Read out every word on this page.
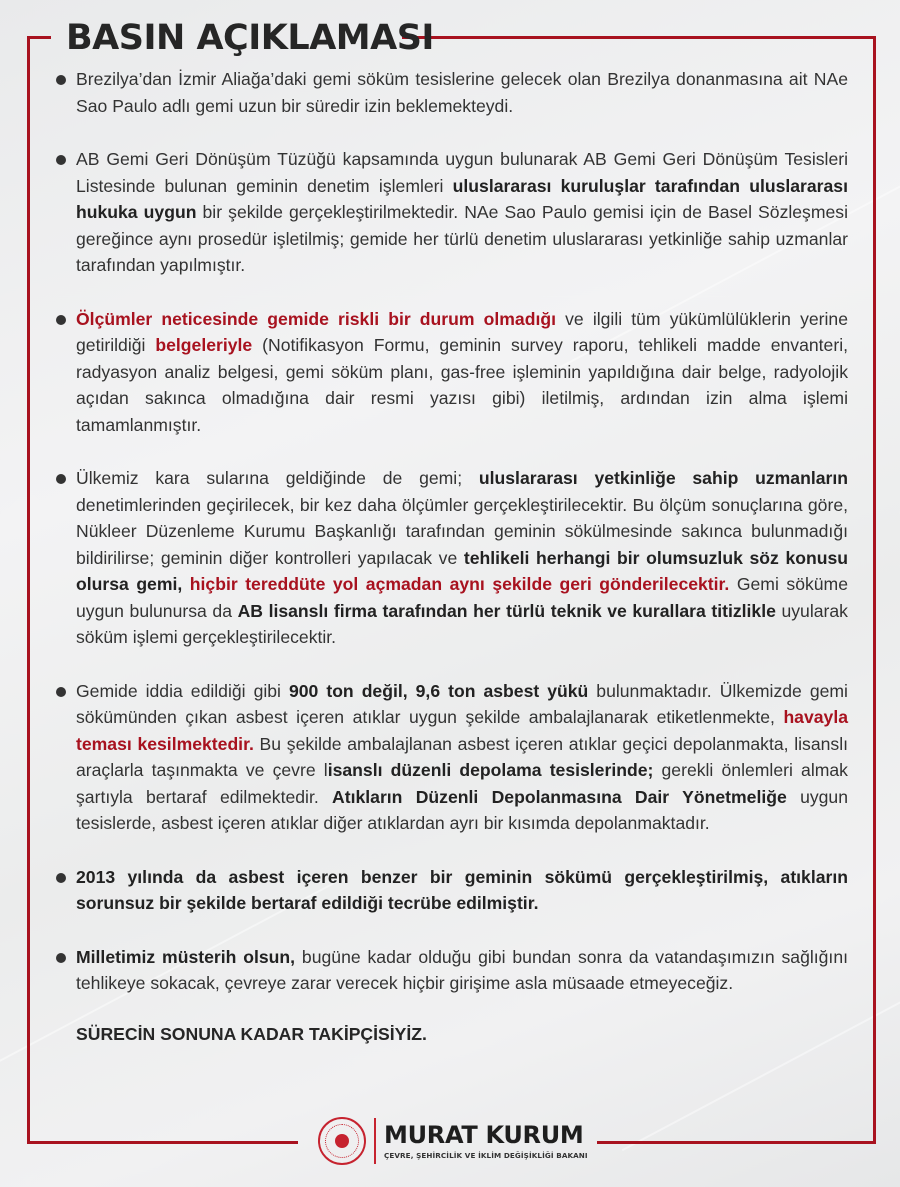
BASIN AÇIKLAMASI
Brezilya’dan İzmir Aliağa’daki gemi söküm tesislerine gelecek olan Brezilya donanmasına ait NAe Sao Paulo adlı gemi uzun bir süredir izin beklemekteydi.
AB Gemi Geri Dönüşüm Tüzüğü kapsamında uygun bulunarak AB Gemi Geri Dönüşüm Tesisleri Listesinde bulunan geminin denetim işlemleri uluslararası kuruluşlar tarafından uluslararası hukuka uygun bir şekilde gerçekleştirilmektedir. NAe Sao Paulo gemisi için de Basel Sözleşmesi gereğince aynı prosedür işletilmiş; gemide her türlü denetim uluslararası yetkinliğe sahip uzmanlar tarafından yapılmıştır.
Ölçümler neticesinde gemide riskli bir durum olmadığı ve ilgili tüm yükümlülüklerin yerine getirildiği belgeleriyle (Notifikasyon Formu, geminin survey raporu, tehlikeli madde envanteri, radyasyon analiz belgesi, gemi söküm planı, gas-free işleminin yapıldığına dair belge, radyolojik açıdan sakınca olmadığına dair resmi yazısı gibi) iletilmiş, ardından izin alma işlemi tamamlanmıştır.
Ülkemiz kara sularına geldiğinde de gemi; uluslararası yetkinliğe sahip uzmanların denetimlerinden geçirilecek, bir kez daha ölçümler gerçekleştirilecektir. Bu ölçüm sonuçlarına göre, Nükleer Düzenleme Kurumu Başkanlığı tarafından geminin sökülmesinde sakınca bulunmadığı bildirilirse; geminin diğer kontrolleri yapılacak ve tehlikeli herhangi bir olumsuzluk söz konusu olursa gemi, hiçbir tereddüte yol açmadan aynı şekilde geri gönderilecektir. Gemi söküme uygun bulunursa da AB lisanslı firma tarafından her türlü teknik ve kurallara titizlikle uyularak söküm işlemi gerçekleştirilecektir.
Gemide iddia edildiği gibi 900 ton değil, 9,6 ton asbest yükü bulunmaktadır. Ülkemizde gemi sökümünden çıkan asbest içeren atıklar uygun şekilde ambalajlanarak etiketlenmekte, havayla teması kesilmektedir. Bu şekilde ambalajlanan asbest içeren atıklar geçici depolanmakta, lisanslı araçlarla taşınmakta ve çevre lisanslı düzenli depolama tesislerinde; gerekli önlemleri almak şartıyla bertaraf edilmektedir. Atıkların Düzenli Depolanmasına Dair Yönetmeliğe uygun tesislerde, asbest içeren atıklar diğer atıklardan ayrı bir kısımda depolanmaktadır.
2013 yılında da asbest içeren benzer bir geminin sökümü gerçekleştirilmiş, atıkların sorunsuz bir şekilde bertaraf edildiği tecrübe edilmiştir.
Milletimiz müsterih olsun, bugüne kadar olduğu gibi bundan sonra da vatandaşımızın sağlığını tehlikeye sokacak, çevreye zarar verecek hiçbir girişime asla müsaade etmeyeceğiz.
SÜRECİN SONUNA KADAR TAKİPÇİSİYİZ.
MURAT KURUM
ÇEVRE, ŞEHİRCİLİK VE İKLİM DEĞİŞİKLİĞİ BAKANI
